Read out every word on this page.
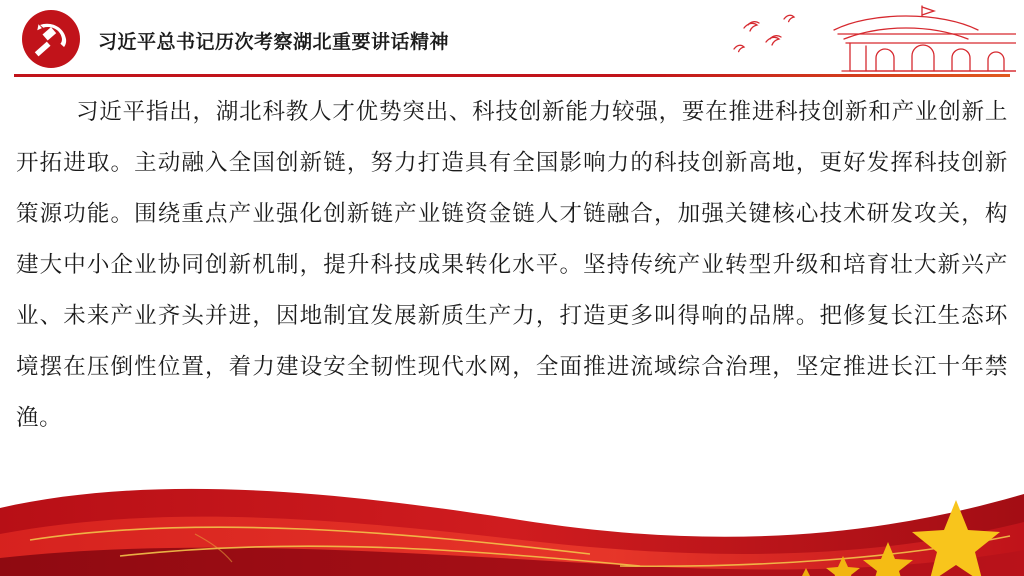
习近平总书记历次考察湖北重要讲话精神
习近平指出，湖北科教人才优势突出、科技创新能力较强，要在推进科技创新和产业创新上开拓进取。主动融入全国创新链，努力打造具有全国影响力的科技创新高地，更好发挥科技创新策源功能。围绕重点产业强化创新链产业链资金链人才链融合，加强关键核心技术研发攻关，构建大中小企业协同创新机制，提升科技成果转化水平。坚持传统产业转型升级和培育壮大新兴产业、未来产业齐头并进，因地制宜发展新质生产力，打造更多叫得响的品牌。把修复长江生态环境摆在压倒性位置，着力建设安全韧性现代水网，全面推进流域综合治理，坚定推进长江十年禁渔。
